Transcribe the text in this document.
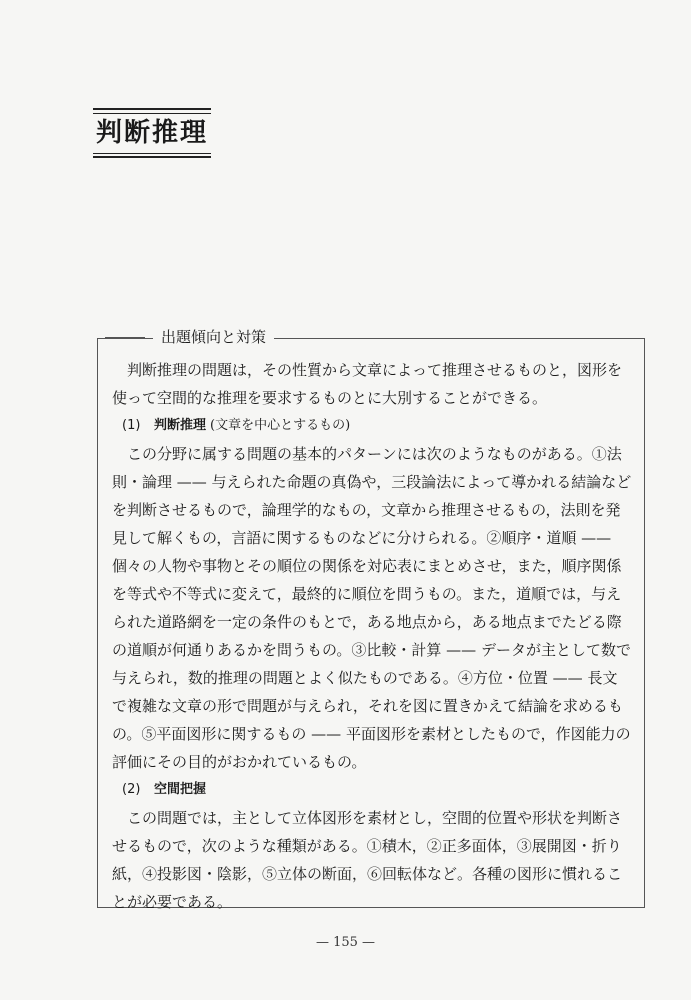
判断推理
出題傾向と対策

判断推理の問題は，その性質から文章によって推理させるものと，図形を使って空間的な推理を要求するものとに大別することができる。

(1) 判断推理 (文章を中心とするもの)

この分野に属する問題の基本的パターンには次のようなものがある。①法則・論理 —— 与えられた命題の真偽や，三段論法によって導かれる結論などを判断させるもので，論理学的なもの，文章から推理させるもの，法則を発見して解くもの，言語に関するものなどに分けられる。②順序・道順 —— 個々の人物や事物とその順位の関係を対応表にまとめさせ，また，順序関係を等式や不等式に変えて，最終的に順位を問うもの。また，道順では，与えられた道路網を一定の条件のもとで，ある地点から，ある地点までたどる際の道順が何通りあるかを問うもの。③比較・計算 —— データが主として数で与えられ，数的推理の問題とよく似たものである。④方位・位置 —— 長文で複雑な文章の形で問題が与えられ，それを図に置きかえて結論を求めるもの。⑤平面図形に関するもの —— 平面図形を素材としたもので，作図能力の評価にその目的がおかれているもの。

(2) 空間把握

この問題では，主として立体図形を素材とし，空間的位置や形状を判断させるもので，次のような種類がある。①積木，②正多面体，③展開図・折り紙，④投影図・陰影，⑤立体の断面，⑥回転体など。各種の図形に慣れることが必要である。

— 155 —
